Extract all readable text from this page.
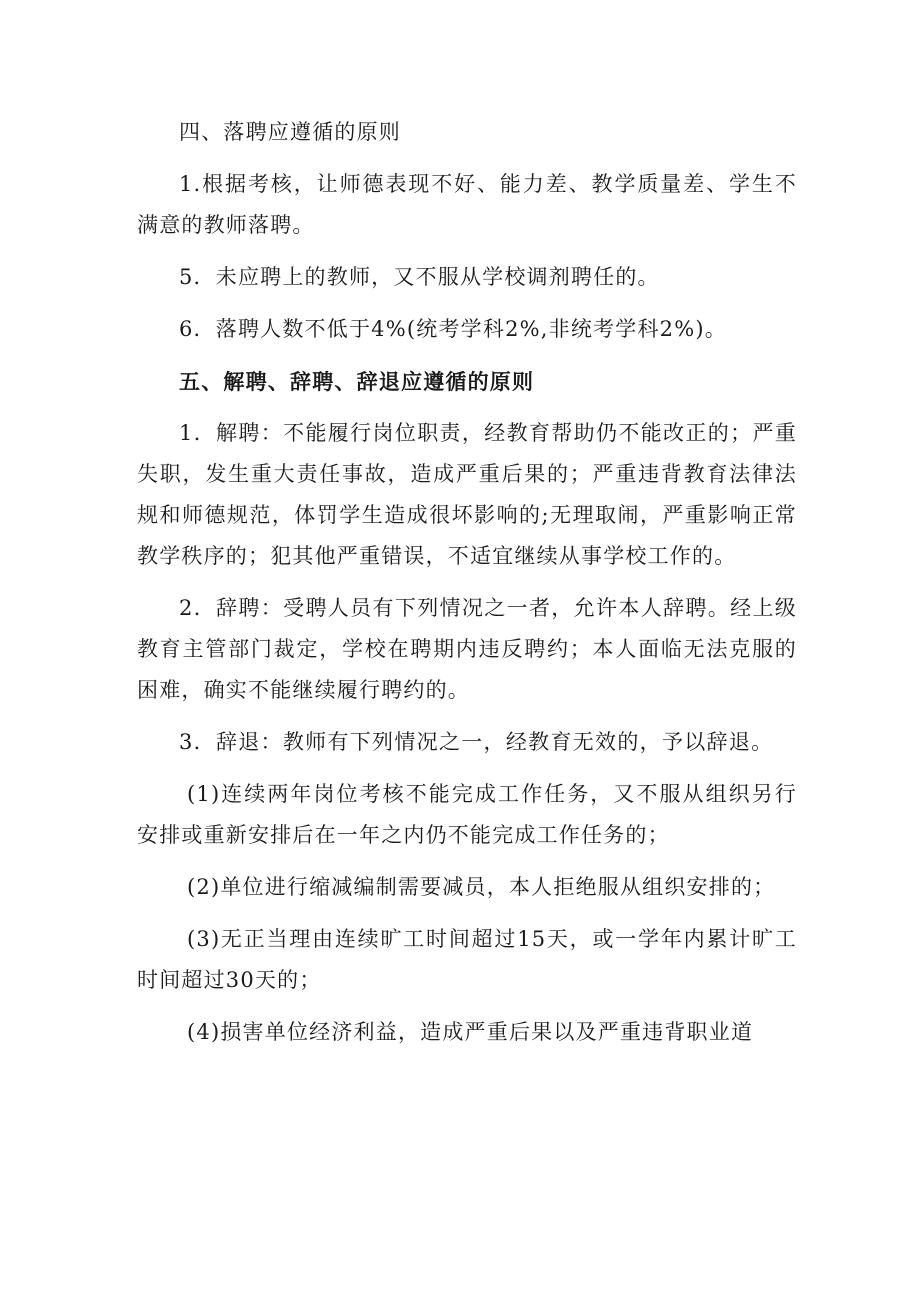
四、落聘应遵循的原则

1.根据考核，让师德表现不好、能力差、教学质量差、学生不满意的教师落聘。

5．未应聘上的教师，又不服从学校调剂聘任的。

6．落聘人数不低于4%(统考学科2%,非统考学科2%)。

五、解聘、辞聘、辞退应遵循的原则

1．解聘：不能履行岗位职责，经教育帮助仍不能改正的；严重失职，发生重大责任事故，造成严重后果的；严重违背教育法律法规和师德规范，体罚学生造成很坏影响的;无理取闹，严重影响正常教学秩序的；犯其他严重错误，不适宜继续从事学校工作的。

2．辞聘：受聘人员有下列情况之一者，允许本人辞聘。经上级教育主管部门裁定，学校在聘期内违反聘约；本人面临无法克服的困难，确实不能继续履行聘约的。

3．辞退：教师有下列情况之一，经教育无效的，予以辞退。

(1)连续两年岗位考核不能完成工作任务，又不服从组织另行安排或重新安排后在一年之内仍不能完成工作任务的；

(2)单位进行缩减编制需要减员，本人拒绝服从组织安排的；

(3)无正当理由连续旷工时间超过15天，或一学年内累计旷工时间超过30天的；

(4)损害单位经济利益，造成严重后果以及严重违背职业道
